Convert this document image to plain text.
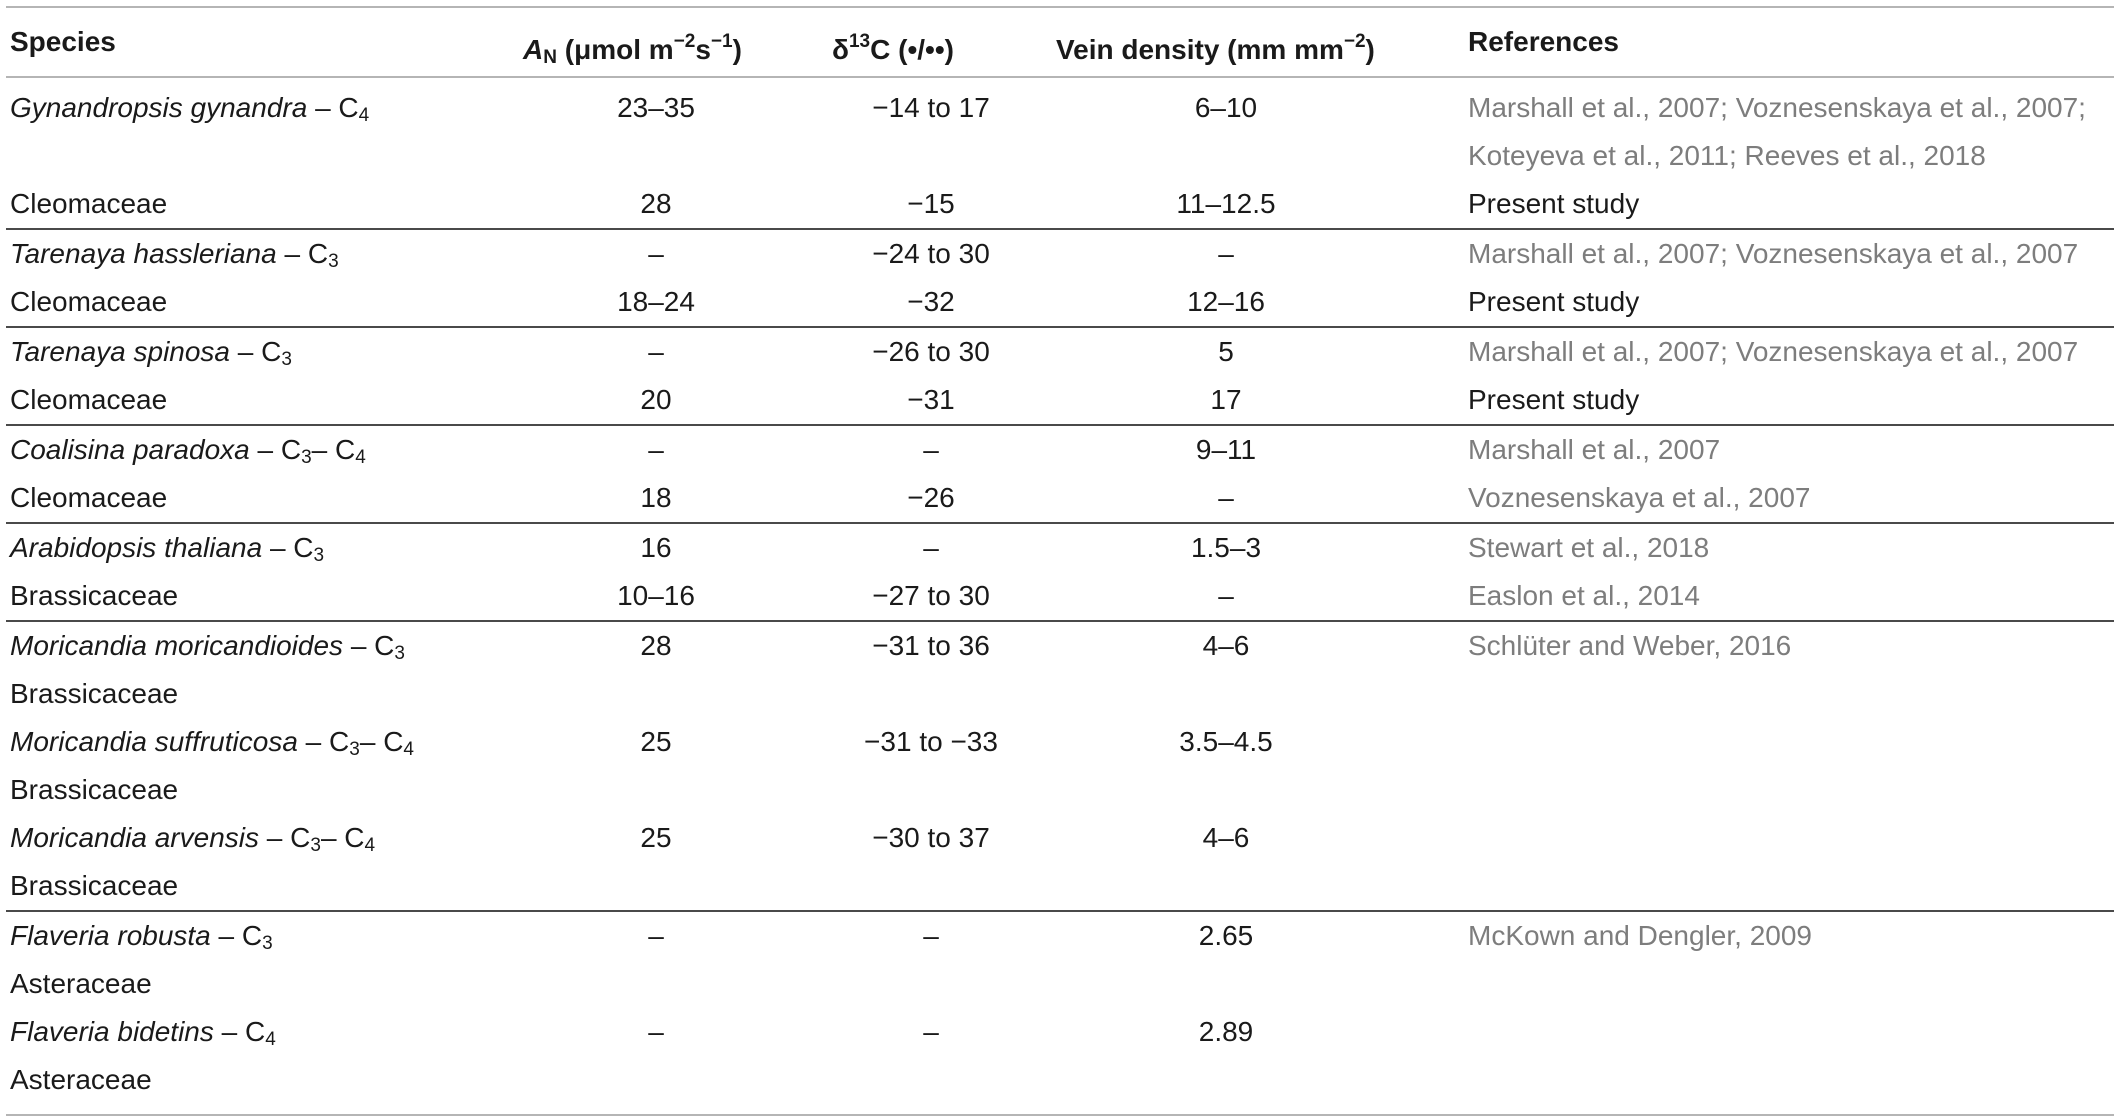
Species	$A_N$ (μmol $m^{-2}s^{-1}$)	$\delta^{13}C$ (•/••)	Vein density (mm $mm^{-2}$)	References
Gynandropsis gynandra – $C_4$	23–35	−14 to 17	6–10	Marshall et al., 2007; Voznesenskaya et al., 2007;
Koteyeva et al., 2011; Reeves et al., 2018
Cleomaceae	28	−15	11–12.5	Present study
Tarenaya hassleriana – $C_3$	–	−24 to 30	–	Marshall et al., 2007; Voznesenskaya et al., 2007
Cleomaceae	18–24	−32	12–16	Present study
Tarenaya spinosa – $C_3$	–	−26 to 30	5	Marshall et al., 2007; Voznesenskaya et al., 2007
Cleomaceae	20	−31	17	Present study
Coalisina paradoxa – $C_3-$ $C_4$	–	–	9–11	Marshall et al., 2007
Cleomaceae	18	−26	–	Voznesenskaya et al., 2007
Arabidopsis thaliana – $C_3$	16	–	1.5–3	Stewart et al., 2018
Brassicaceae	10–16	−27 to 30	–	Easlon et al., 2014
Moricandia moricandioides – $C_3$	28	−31 to 36	4–6	Schlüter and Weber, 2016
Brassicaceae
Moricandia suffruticosa – $C_3-$ $C_4$	25	−31 to −33	3.5–4.5
Brassicaceae
Moricandia arvensis – $C_3-$ $C_4$	25	−30 to 37	4–6
Brassicaceae
Flaveria robusta – $C_3$	–	–	2.65	McKown and Dengler, 2009
Asteraceae
Flaveria bidetins – $C_4$	–	–	2.89
Asteraceae
